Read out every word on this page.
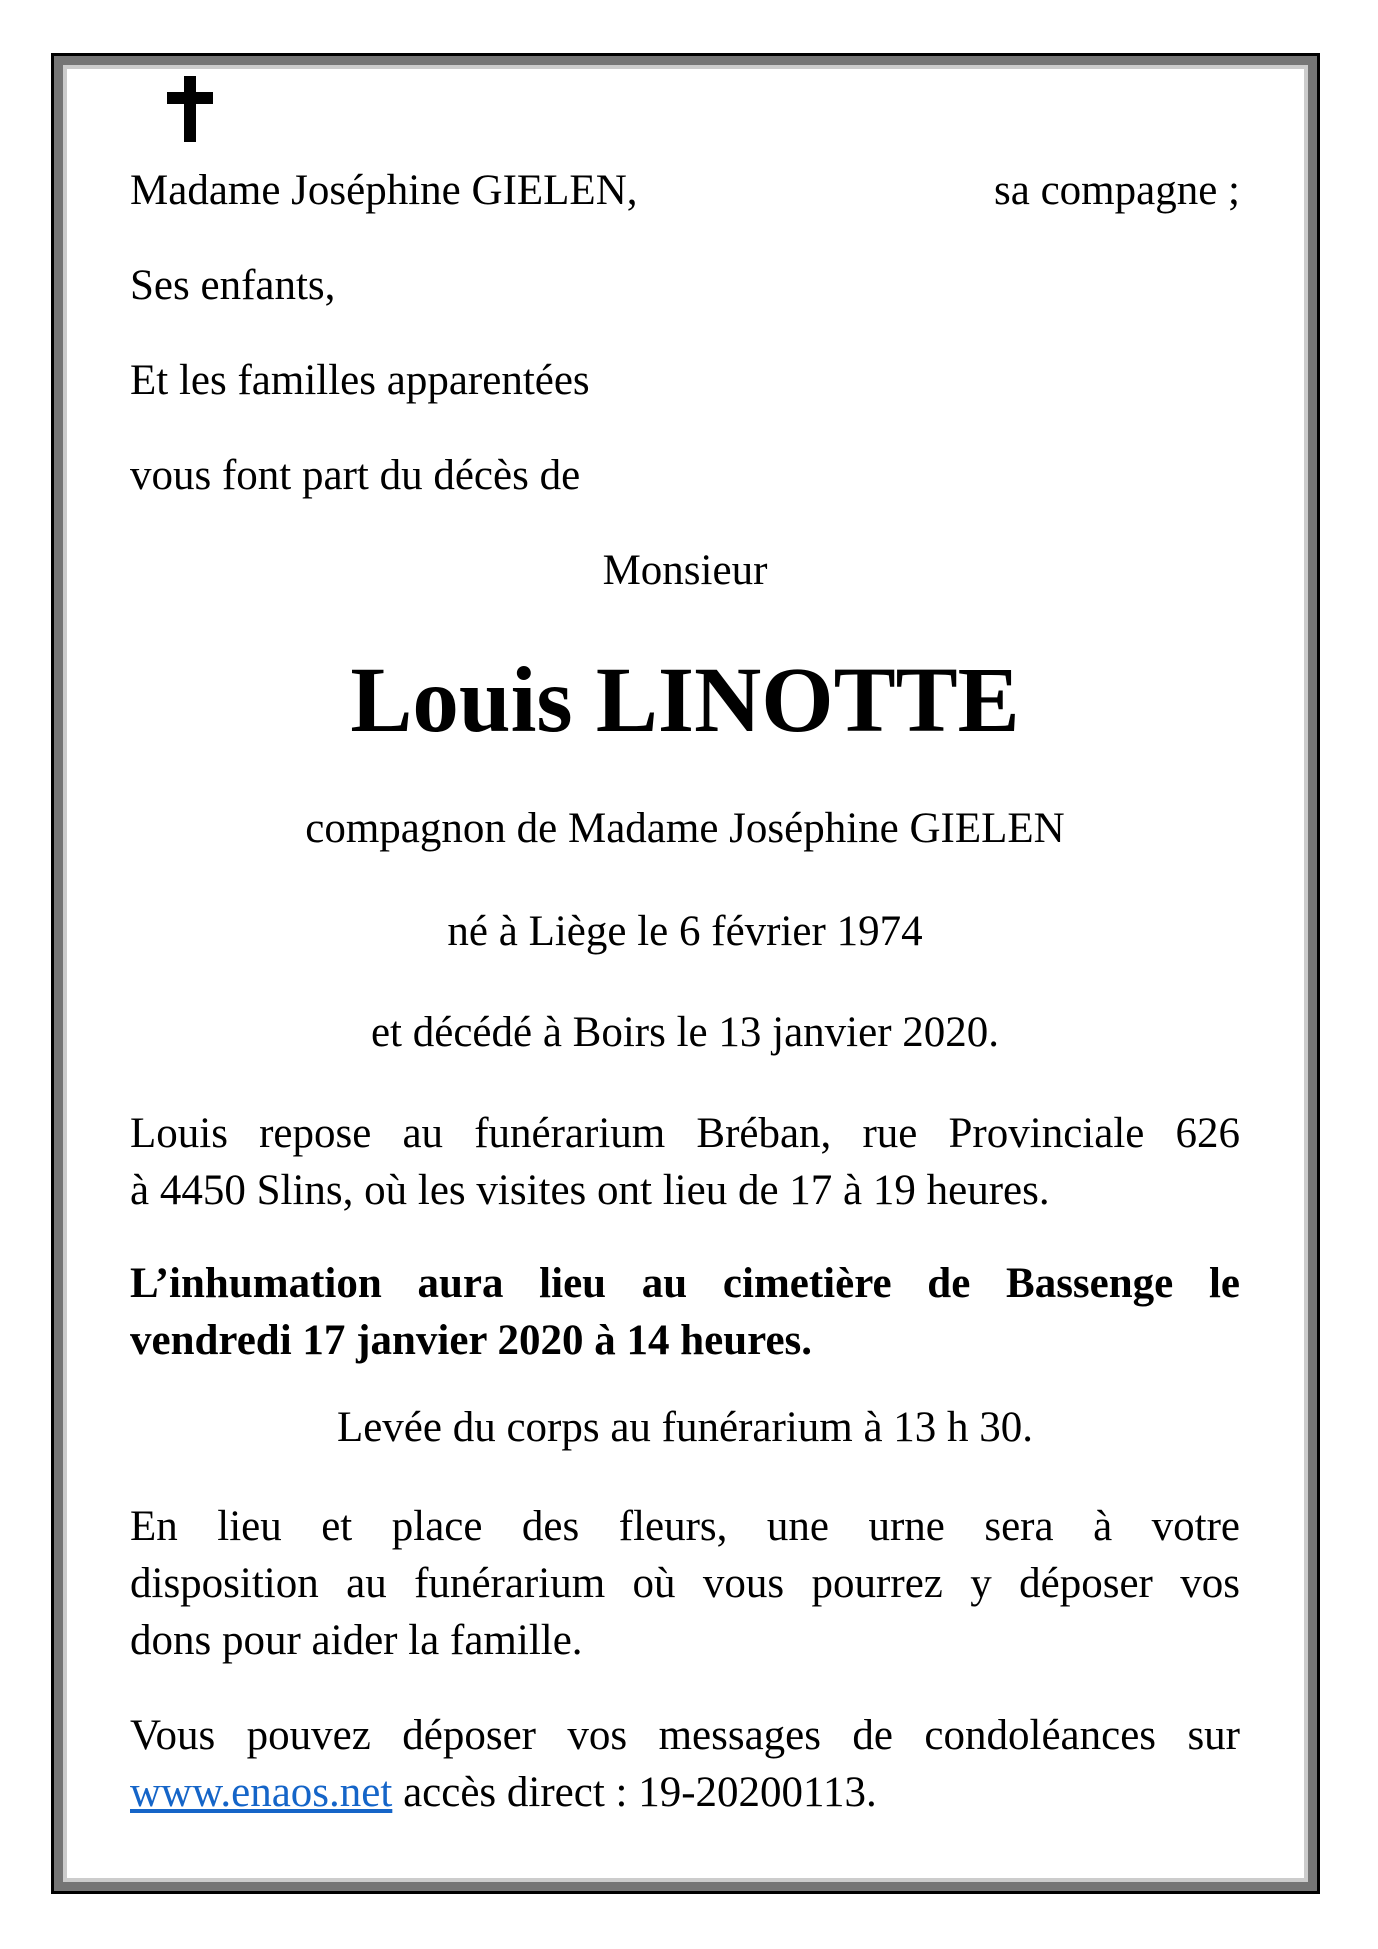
Madame Joséphine GIELEN,	sa compagne ;

Ses enfants,

Et les familles apparentées

vous font part du décès de

Monsieur

Louis LINOTTE

compagnon de Madame Joséphine GIELEN

né à Liège le 6 février 1974

et décédé à Boirs le 13 janvier 2020.

Louis repose au funérarium Bréban, rue Provinciale 626
à 4450 Slins, où les visites ont lieu de 17 à 19 heures.
L’inhumation aura lieu au cimetière de Bassenge le
vendredi 17 janvier 2020 à 14 heures.

Levée du corps au funérarium à 13 h 30.

En lieu et place des fleurs, une urne sera à votre
disposition au funérarium où vous pourrez y déposer vos
dons pour aider la famille.
Vous pouvez déposer vos messages de condoléances sur
www.enaos.net accès direct : 19-20200113.
